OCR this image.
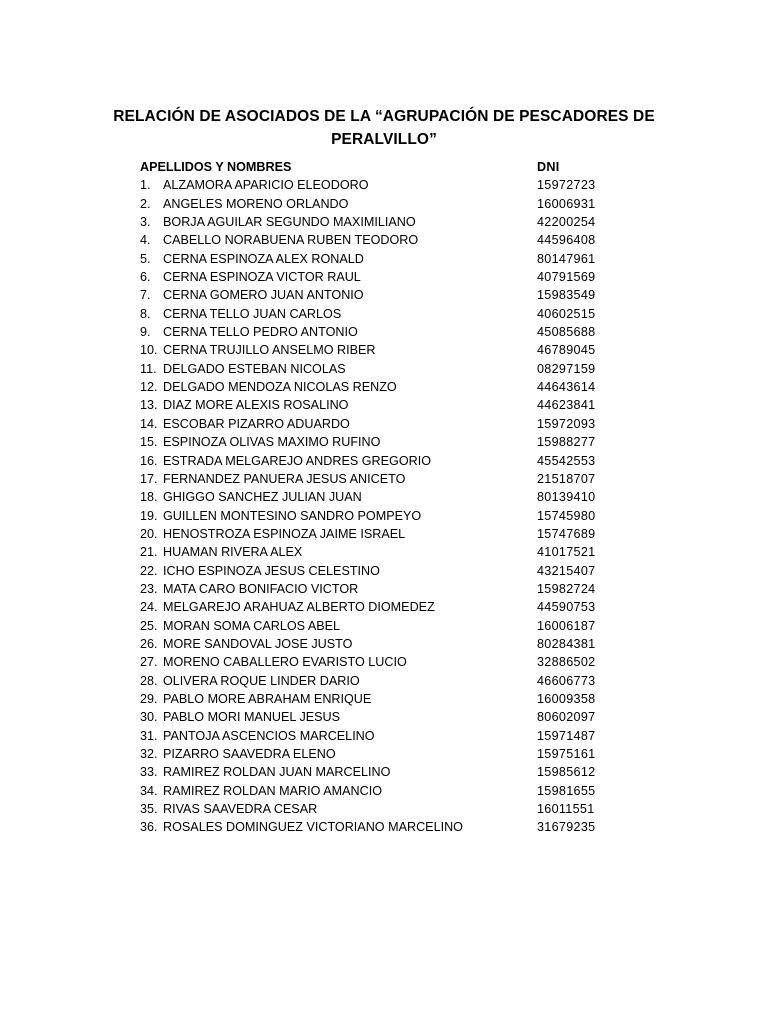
RELACIÓN DE ASOCIADOS DE LA “AGRUPACIÓN DE PESCADORES DE PERALVILLO”
APELLIDOS Y NOMBRES	DNI
1. ALZAMORA APARICIO ELEODORO	15972723
2. ANGELES MORENO ORLANDO	16006931
3. BORJA AGUILAR SEGUNDO MAXIMILIANO	42200254
4. CABELLO NORABUENA RUBEN TEODORO	44596408
5. CERNA ESPINOZA ALEX RONALD	80147961
6. CERNA ESPINOZA VICTOR RAUL	40791569
7. CERNA GOMERO JUAN ANTONIO	15983549
8. CERNA TELLO JUAN CARLOS	40602515
9. CERNA TELLO PEDRO ANTONIO	45085688
10. CERNA TRUJILLO ANSELMO RIBER	46789045
11. DELGADO ESTEBAN NICOLAS	08297159
12. DELGADO MENDOZA NICOLAS RENZO	44643614
13. DIAZ MORE ALEXIS ROSALINO	44623841
14. ESCOBAR PIZARRO ADUARDO	15972093
15. ESPINOZA OLIVAS MAXIMO RUFINO	15988277
16. ESTRADA MELGAREJO ANDRES GREGORIO	45542553
17. FERNANDEZ PANUERA JESUS ANICETO	21518707
18. GHIGGO SANCHEZ JULIAN JUAN	80139410
19. GUILLEN MONTESINO SANDRO POMPEYO	15745980
20. HENOSTROZA ESPINOZA JAIME ISRAEL	15747689
21. HUAMAN RIVERA ALEX	41017521
22. ICHO ESPINOZA JESUS CELESTINO	43215407
23. MATA CARO BONIFACIO VICTOR	15982724
24. MELGAREJO ARAHUAZ ALBERTO DIOMEDEZ	44590753
25. MORAN SOMA CARLOS ABEL	16006187
26. MORE SANDOVAL JOSE JUSTO	80284381
27. MORENO CABALLERO EVARISTO LUCIO	32886502
28. OLIVERA ROQUE LINDER DARIO	46606773
29. PABLO MORE ABRAHAM ENRIQUE	16009358
30. PABLO MORI MANUEL JESUS	80602097
31. PANTOJA ASCENCIOS MARCELINO	15971487
32. PIZARRO SAAVEDRA ELENO	15975161
33. RAMIREZ ROLDAN JUAN MARCELINO	15985612
34. RAMIREZ ROLDAN MARIO AMANCIO	15981655
35. RIVAS SAAVEDRA CESAR	16011551
36. ROSALES DOMINGUEZ VICTORIANO MARCELINO	31679235
